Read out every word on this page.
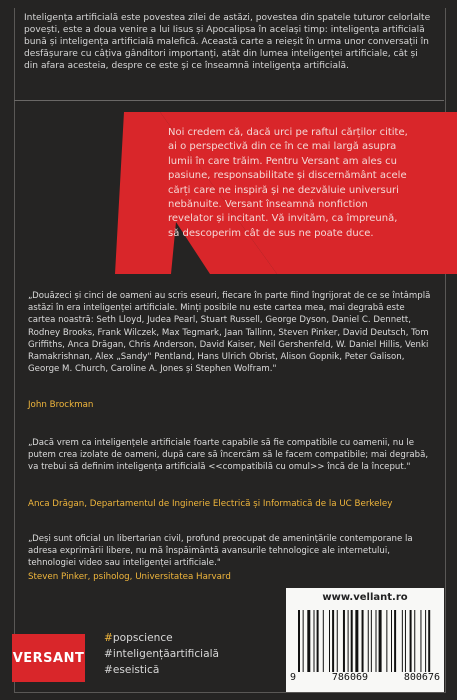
Inteligența artificială este povestea zilei de astăzi, povestea din spatele tuturor celorlalte povești, este a doua venire a lui Iisus și Apocalipsa în același timp: inteligența artificială bună și inteligența artificială malefică. Această carte a reieșit în urma unor conversații în desfășurare cu câțiva gânditori importanți, atât din lumea inteligenței artificiale, cât și din afara acesteia, despre ce este și ce înseamnă inteligența artificială.

Noi credem că, dacă urci pe raftul cărților citite,
ai o perspectivă din ce în ce mai largă asupra
lumii în care trăim. Pentru Versant am ales cu
pasiune, responsabilitate și discernământ acele
cărți care ne inspiră și ne dezvăluie universuri
nebănuite. Versant înseamnă nonfiction
revelator și incitant. Vă invităm, ca împreună,
să descoperim cât de sus ne poate duce.

„Douăzeci și cinci de oameni au scris eseuri, fiecare în parte fiind îngrijorat de ce se întâmplă astăzi în era inteligenței artificiale. Minți posibile nu este cartea mea, mai degrabă este cartea noastră: Seth Lloyd, Judea Pearl, Stuart Russell, George Dyson, Daniel C. Dennett, Rodney Brooks, Frank Wilczek, Max Tegmark, Jaan Tallinn, Steven Pinker, David Deutsch, Tom Griffiths, Anca Drăgan, Chris Anderson, David Kaiser, Neil Gershenfeld, W. Daniel Hillis, Venki Ramakrishnan, Alex „Sandy" Pentland, Hans Ulrich Obrist, Alison Gopnik, Peter Galison, George M. Church, Caroline A. Jones și Stephen Wolfram."

John Brockman

„Dacă vrem ca inteligențele artificiale foarte capabile să fie compatibile cu oamenii, nu le putem crea izolate de oameni, după care să încercăm să le facem compatibile; mai degrabă, va trebui să definim inteligența artificială <<compatibilă cu omul>> încă de la început."

Anca Drăgan, Departamentul de Inginerie Electrică și Informatică de la UC Berkeley

„Deși sunt oficial un libertarian civil, profund preocupat de amenințările contemporane la adresa exprimării libere, nu mă înspăimântă avansurile tehnologice ale internetului, tehnologiei video sau inteligenței artificiale."

Steven Pinker, psiholog, Universitatea Harvard
VERSANT
#popscience
#inteligențăartificială
#eseistică
www.vellant.ro
9	786069	800676
